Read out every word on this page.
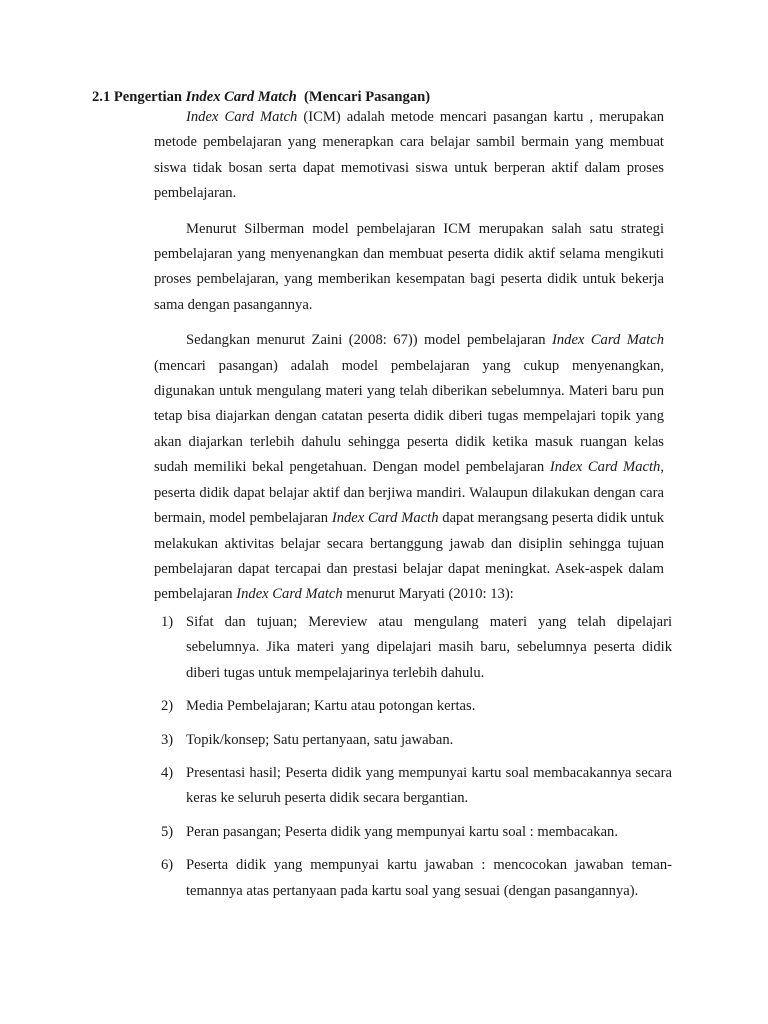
2.1 Pengertian Index Card Match (Mencari Pasangan)

Index Card Match (ICM) adalah metode mencari pasangan kartu , merupakan metode pembelajaran yang menerapkan cara belajar sambil bermain yang membuat siswa tidak bosan serta dapat memotivasi siswa untuk berperan aktif dalam proses pembelajaran.

Menurut Silberman model pembelajaran ICM merupakan salah satu strategi pembelajaran yang menyenangkan dan membuat peserta didik aktif selama mengikuti proses pembelajaran, yang memberikan kesempatan bagi peserta didik untuk bekerja sama dengan pasangannya.

Sedangkan menurut Zaini (2008: 67)) model pembelajaran Index Card Match (mencari pasangan) adalah model pembelajaran yang cukup menyenangkan, digunakan untuk mengulang materi yang telah diberikan sebelumnya. Materi baru pun tetap bisa diajarkan dengan catatan peserta didik diberi tugas mempelajari topik yang akan diajarkan terlebih dahulu sehingga peserta didik ketika masuk ruangan kelas sudah memiliki bekal pengetahuan. Dengan model pembelajaran Index Card Macth, peserta didik dapat belajar aktif dan berjiwa mandiri. Walaupun dilakukan dengan cara bermain, model pembelajaran Index Card Macth dapat merangsang peserta didik untuk melakukan aktivitas belajar secara bertanggung jawab dan disiplin sehingga tujuan pembelajaran dapat tercapai dan prestasi belajar dapat meningkat. Asek-aspek dalam pembelajaran Index Card Match menurut Maryati (2010: 13):

1) Sifat dan tujuan; Mereview atau mengulang materi yang telah dipelajari sebelumnya. Jika materi yang dipelajari masih baru, sebelumnya peserta didik diberi tugas untuk mempelajarinya terlebih dahulu.
2) Media Pembelajaran; Kartu atau potongan kertas.
3) Topik/konsep; Satu pertanyaan, satu jawaban.
4) Presentasi hasil; Peserta didik yang mempunyai kartu soal membacakannya secara keras ke seluruh peserta didik secara bergantian.
5) Peran pasangan; Peserta didik yang mempunyai kartu soal : membacakan.
6) Peserta didik yang mempunyai kartu jawaban : mencocokan jawaban teman-temannya atas pertanyaan pada kartu soal yang sesuai (dengan pasangannya).
